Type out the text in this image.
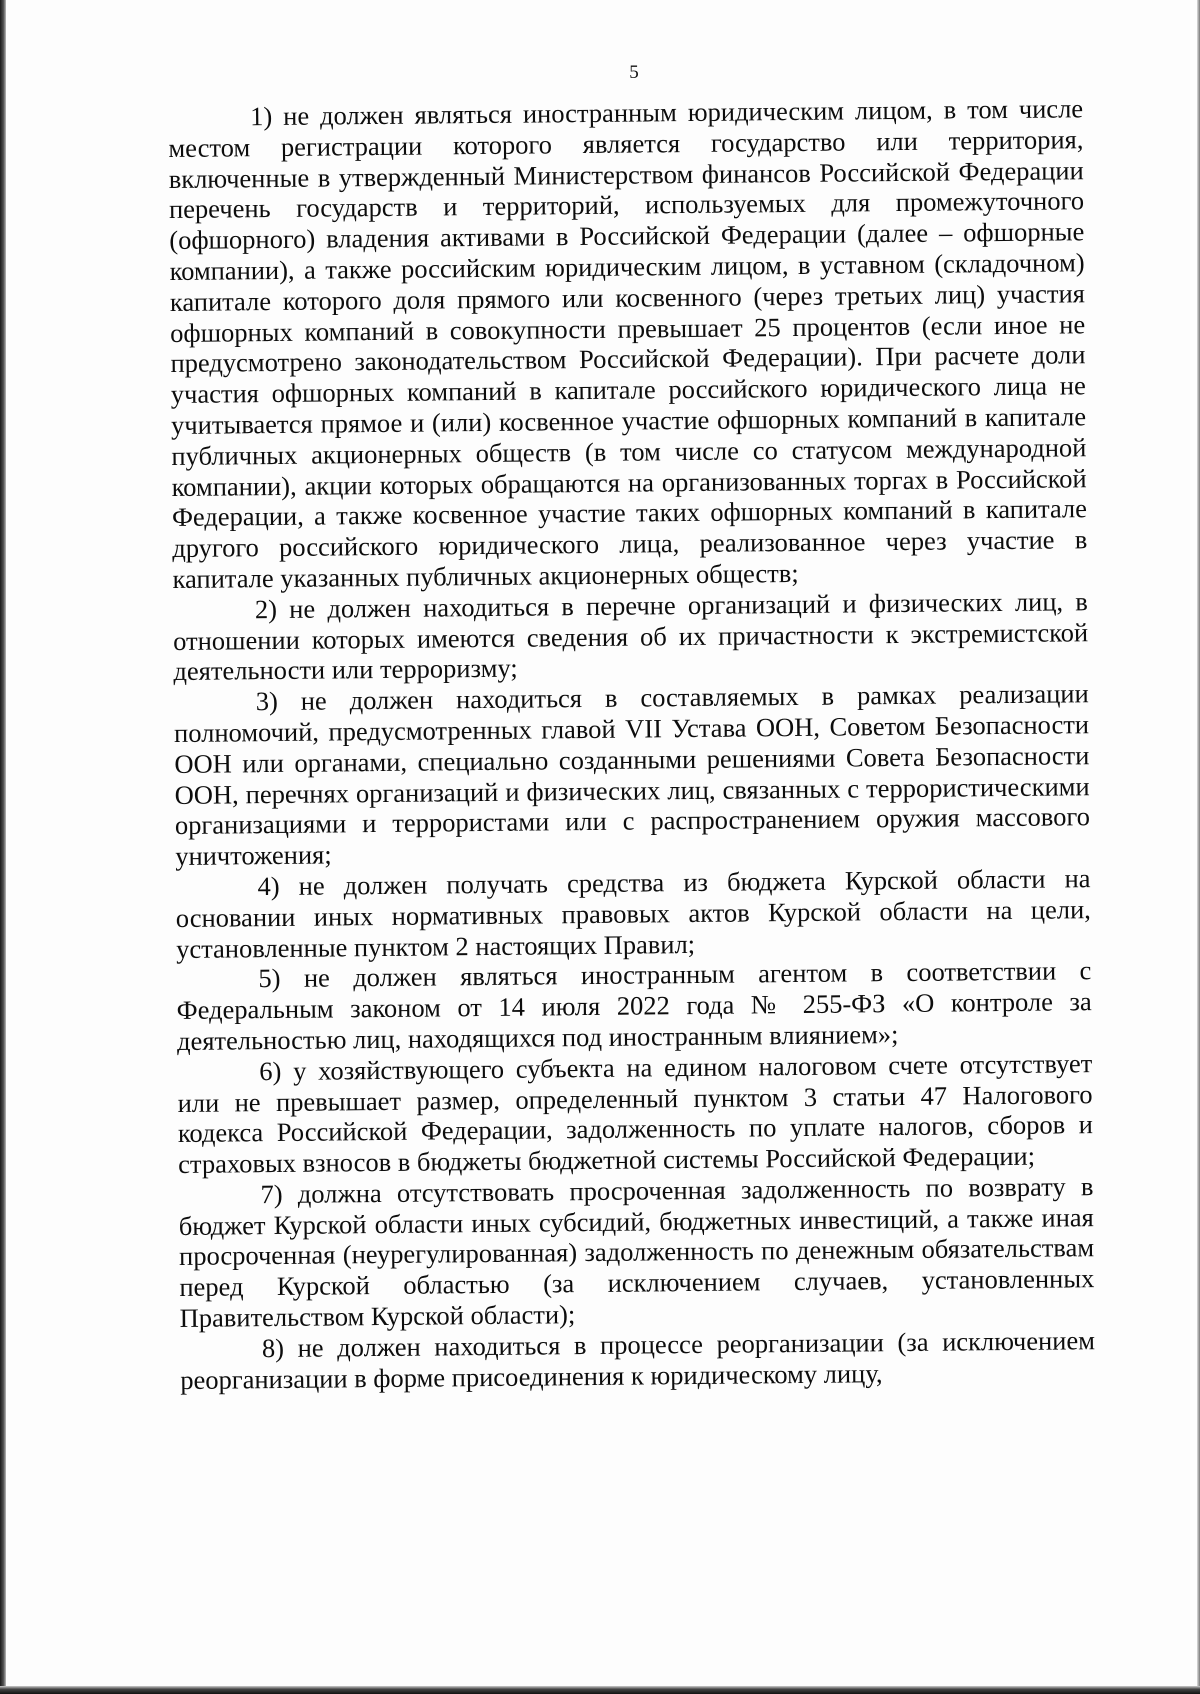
5

1) не должен являться иностранным юридическим лицом, в том числе местом регистрации которого является государство или территория, включенные в утвержденный Министерством финансов Российской Федерации перечень государств и территорий, используемых для промежуточного (офшорного) владения активами в Российской Федерации (далее – офшорные компании), а также российским юридическим лицом, в уставном (складочном) капитале которого доля прямого или косвенного (через третьих лиц) участия офшорных компаний в совокупности превышает 25 процентов (если иное не предусмотрено законодательством Российской Федерации). При расчете доли участия офшорных компаний в капитале российского юридического лица не учитывается прямое и (или) косвенное участие офшорных компаний в капитале публичных акционерных обществ (в том числе со статусом международной компании), акции которых обращаются на организованных торгах в Российской Федерации, а также косвенное участие таких офшорных компаний в капитале другого российского юридического лица, реализованное через участие в капитале указанных публичных акционерных обществ;

2) не должен находиться в перечне организаций и физических лиц, в отношении которых имеются сведения об их причастности к экстремистской деятельности или терроризму;

3) не должен находиться в составляемых в рамках реализации полномочий, предусмотренных главой VII Устава ООН, Советом Безопасности ООН или органами, специально созданными решениями Совета Безопасности ООН, перечнях организаций и физических лиц, связанных с террористическими организациями и террористами или с распространением оружия массового уничтожения;

4) не должен получать средства из бюджета Курской области на основании иных нормативных правовых актов Курской области на цели, установленные пунктом 2 настоящих Правил;

5) не должен являться иностранным агентом в соответствии с Федеральным законом от 14 июля 2022 года № 255-ФЗ «О контроле за деятельностью лиц, находящихся под иностранным влиянием»;

6) у хозяйствующего субъекта на едином налоговом счете отсутствует или не превышает размер, определенный пунктом 3 статьи 47 Налогового кодекса Российской Федерации, задолженность по уплате налогов, сборов и страховых взносов в бюджеты бюджетной системы Российской Федерации;

7) должна отсутствовать просроченная задолженность по возврату в бюджет Курской области иных субсидий, бюджетных инвестиций, а также иная просроченная (неурегулированная) задолженность по денежным обязательствам перед Курской областью (за исключением случаев, установленных Правительством Курской области);

8) не должен находиться в процессе реорганизации (за исключением реорганизации в форме присоединения к юридическому лицу,
